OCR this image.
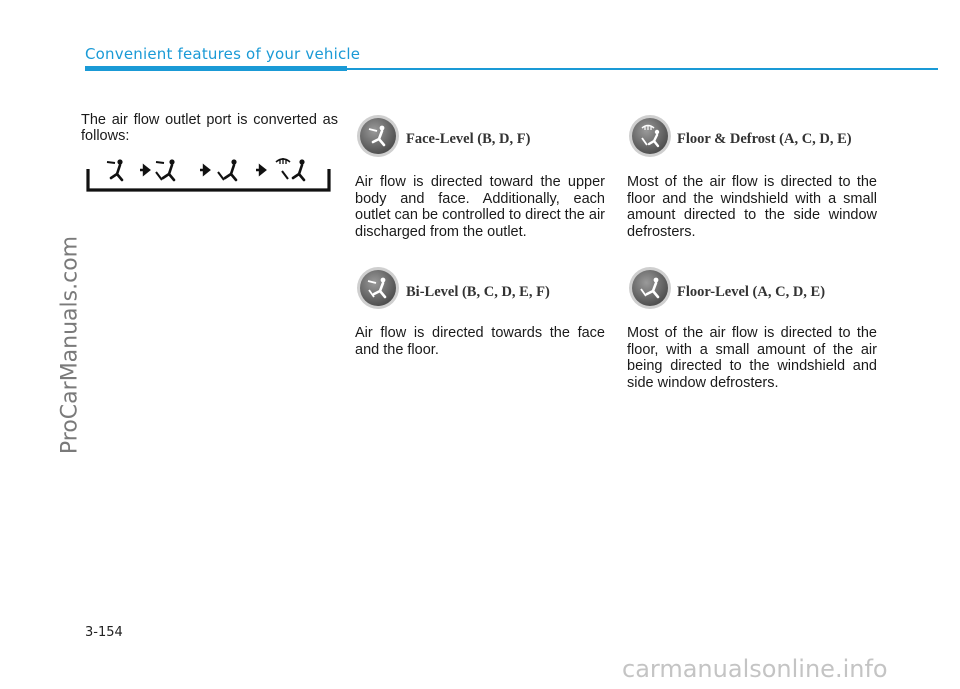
Convenient features of your vehicle
ProCarManuals.com
The air flow outlet port is converted as follows:	Face-Level (B, D, F)
Air flow is directed toward the upper body and face. Additionally, each outlet can be controlled to direct the air discharged from the outlet.
Bi-Level (B, C, D, E, F)
Air flow is directed towards the face and the floor.
Floor & Defrost (A, C, D, E)
Most of the air flow is directed to the floor and the windshield with a small amount directed to the side window defrosters.
Floor-Level (A, C, D, E)
Most of the air flow is directed to the floor, with a small amount of the air being directed to the windshield and side window defrosters.
3-154
carmanualsonline.info
